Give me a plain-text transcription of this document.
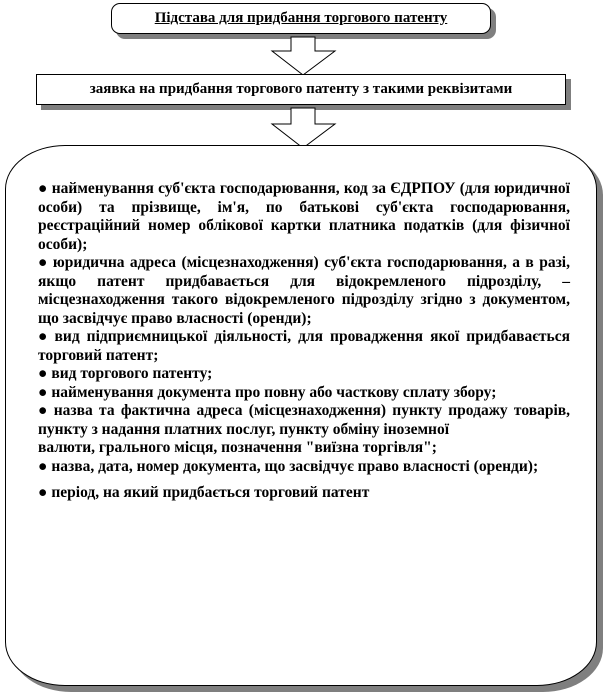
Підстава для придбання торгового патенту
заявка на придбання торгового патенту з такими реквізитами

● найменування суб'єкта господарювання, код за ЄДРПОУ (для юридичної особи) та прізвище, ім'я, по батькові суб'єкта господарювання, реєстраційний номер облікової картки платника податків (для фізичної особи);

● юридична адреса (місцезнаходження) суб'єкта господарювання, а в разі, якщо патент придбавається для відокремленого підрозділу, – місцезнаходження такого відокремленого підрозділу згідно з документом, що засвідчує право власності (оренди);

● вид підприємницької діяльності, для провадження якої придбавається торговий патент;

● вид торгового патенту;

● найменування документа про повну або часткову сплату збору;

● назва та фактична адреса (місцезнаходження) пункту продажу товарів, пункту з надання платних послуг, пункту обміну іноземної

валюти, грального місця, позначення "виїзна торгівля";

● назва, дата, номер документа, що засвідчує право власності (оренди);

● період, на який придбається торговий патент
